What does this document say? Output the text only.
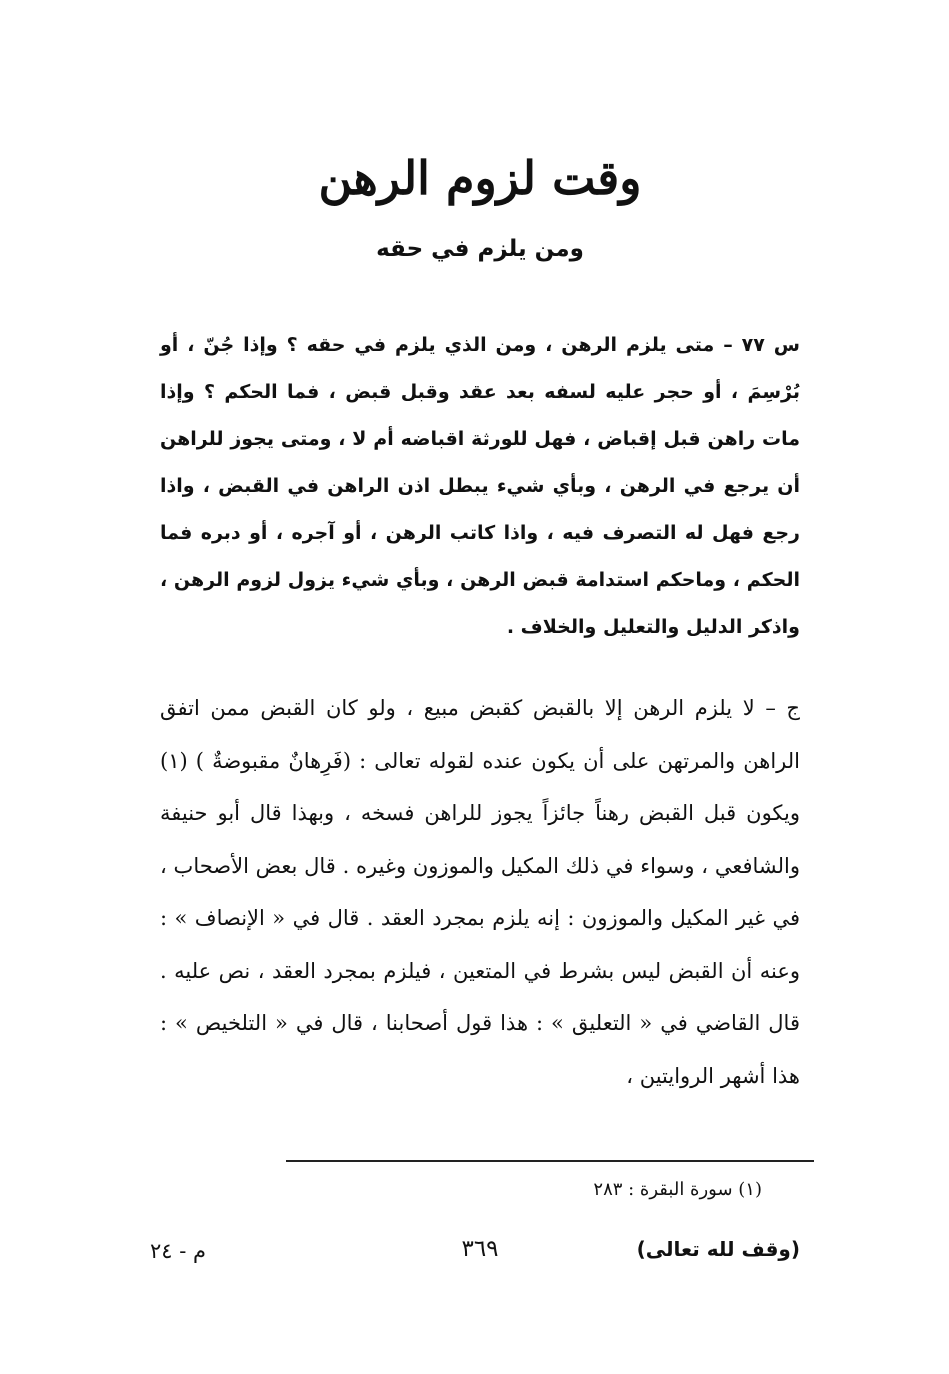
وقت لزوم الرهن
ومن يلزم في حقه

س ٧٧ – متى يلزم الرهن ، ومن الذي يلزم في حقه ؟ وإذا جُنّ ، أو بُرْسِمَ ، أو حجر عليه لسفه بعد عقد وقبل قبض ، فما الحكم ؟ وإذا مات راهن قبل إقباض ، فهل للورثة اقباضه أم لا ، ومتى يجوز للراهن أن يرجع في الرهن ، وبأي شيء يبطل اذن الراهن في القبض ، واذا رجع فهل له التصرف فيه ، واذا كاتب الرهن ، أو آجره ، أو دبره فما الحكم ، وماحكم استدامة قبض الرهن ، وبأي شيء يزول لزوم الرهن ، واذكر الدليل والتعليل والخلاف .

ج – لا يلزم الرهن إلا بالقبض كقبض مبيع ، ولو كان القبض ممن اتفق الراهن والمرتهن على أن يكون عنده لقوله تعالى : (فَرِهانٌ مقبوضةٌ ) (١) ويكون قبل القبض رهناً جائزاً يجوز للراهن فسخه ، وبهذا قال أبو حنيفة والشافعي ، وسواء في ذلك المكيل والموزون وغيره . قال بعض الأصحاب ، في غير المكيل والموزون : إنه يلزم بمجرد العقد . قال في « الإنصاف » : وعنه أن القبض ليس بشرط في المتعين ، فيلزم بمجرد العقد ، نص عليه . قال القاضي في « التعليق » : هذا قول أصحابنا ، قال في « التلخيص » : هذا أشهر الروايتين ،

(١) سورة البقرة : ٢٨٣
م - ٢٤	٣٦٩	(وقف لله تعالى)
